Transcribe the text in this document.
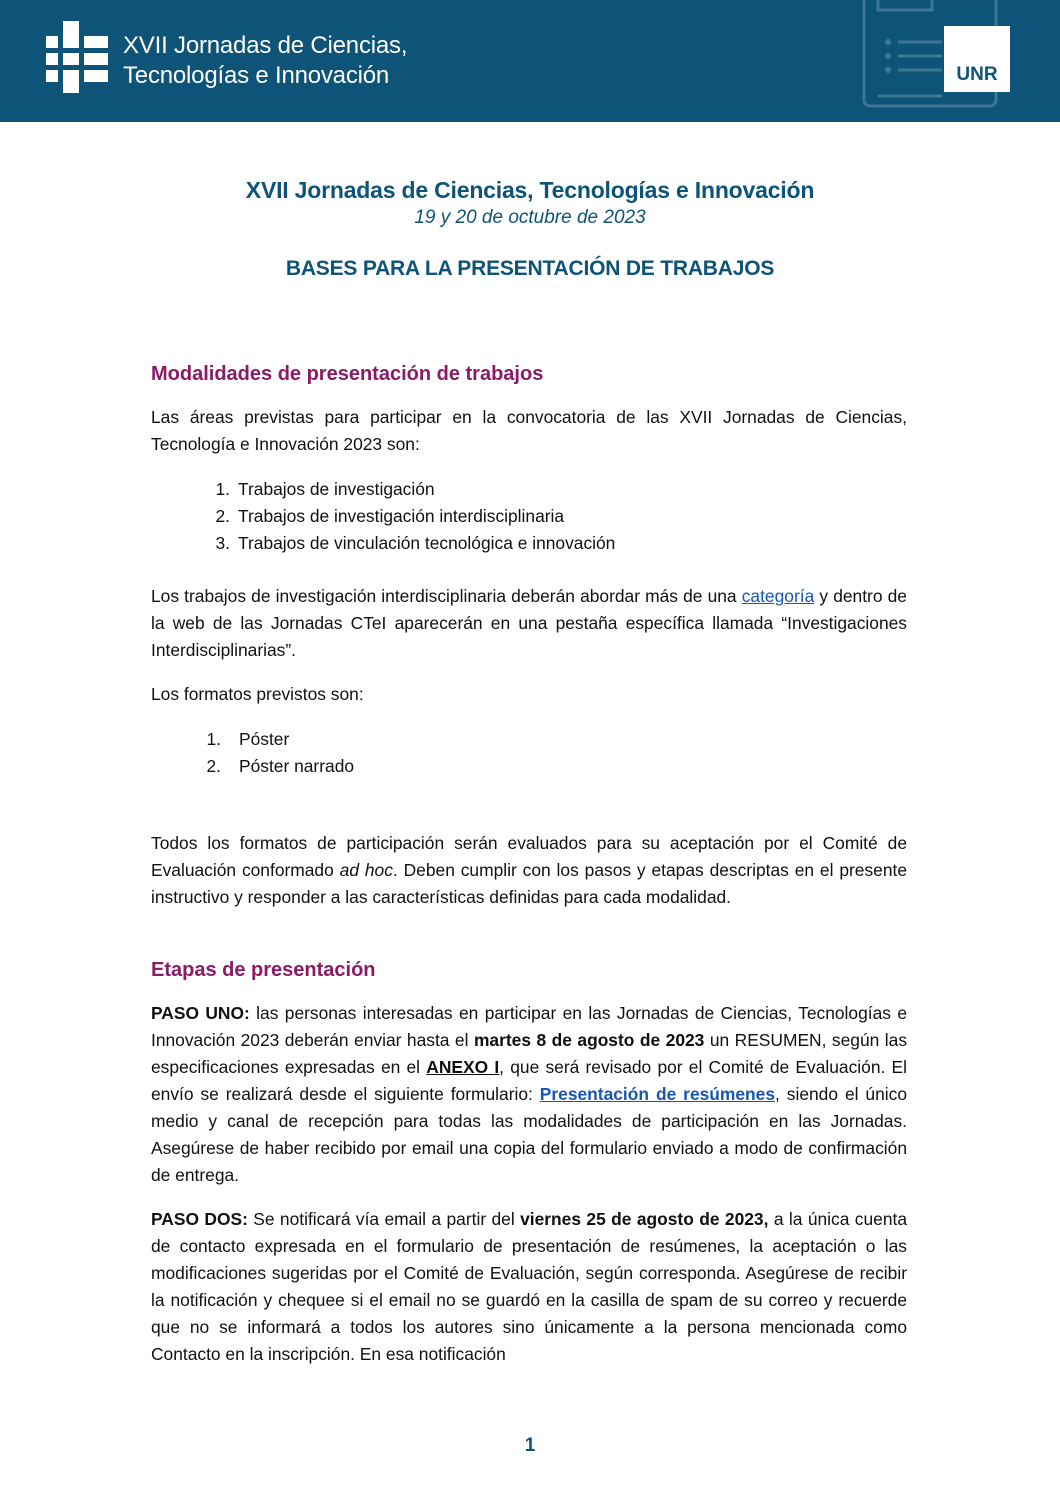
XVII Jornadas de Ciencias,
Tecnologías e Innovación	UNR
XVII Jornadas de Ciencias, Tecnologías e Innovación
19 y 20 de octubre de 2023
BASES PARA LA PRESENTACIÓN DE TRABAJOS
Modalidades de presentación de trabajos

Las áreas previstas para participar en la convocatoria de las XVII Jornadas de Ciencias, Tecnología e Innovación 2023 son:

1. Trabajos de investigación
2. Trabajos de investigación interdisciplinaria
3. Trabajos de vinculación tecnológica e innovación

Los trabajos de investigación interdisciplinaria deberán abordar más de una categoría y dentro de la web de las Jornadas CTeI aparecerán en una pestaña específica llamada “Investigaciones Interdisciplinarias”.

Los formatos previstos son:

1. Póster
2. Póster narrado

Todos los formatos de participación serán evaluados para su aceptación por el Comité de Evaluación conformado ad hoc. Deben cumplir con los pasos y etapas descriptas en el presente instructivo y responder a las características definidas para cada modalidad.

Etapas de presentación

PASO UNO: las personas interesadas en participar en las Jornadas de Ciencias, Tecnologías e Innovación 2023 deberán enviar hasta el martes 8 de agosto de 2023 un RESUMEN, según las especificaciones expresadas en el ANEXO I, que será revisado por el Comité de Evaluación. El envío se realizará desde el siguiente formulario: Presentación de resúmenes, siendo el único medio y canal de recepción para todas las modalidades de participación en las Jornadas. Asegúrese de haber recibido por email una copia del formulario enviado a modo de confirmación de entrega.

PASO DOS: Se notificará vía email a partir del viernes 25 de agosto de 2023, a la única cuenta de contacto expresada en el formulario de presentación de resúmenes, la aceptación o las modificaciones sugeridas por el Comité de Evaluación, según corresponda. Asegúrese de recibir la notificación y chequee si el email no se guardó en la casilla de spam de su correo y recuerde que no se informará a todos los autores sino únicamente a la persona mencionada como Contacto en la inscripción. En esa notificación

1
